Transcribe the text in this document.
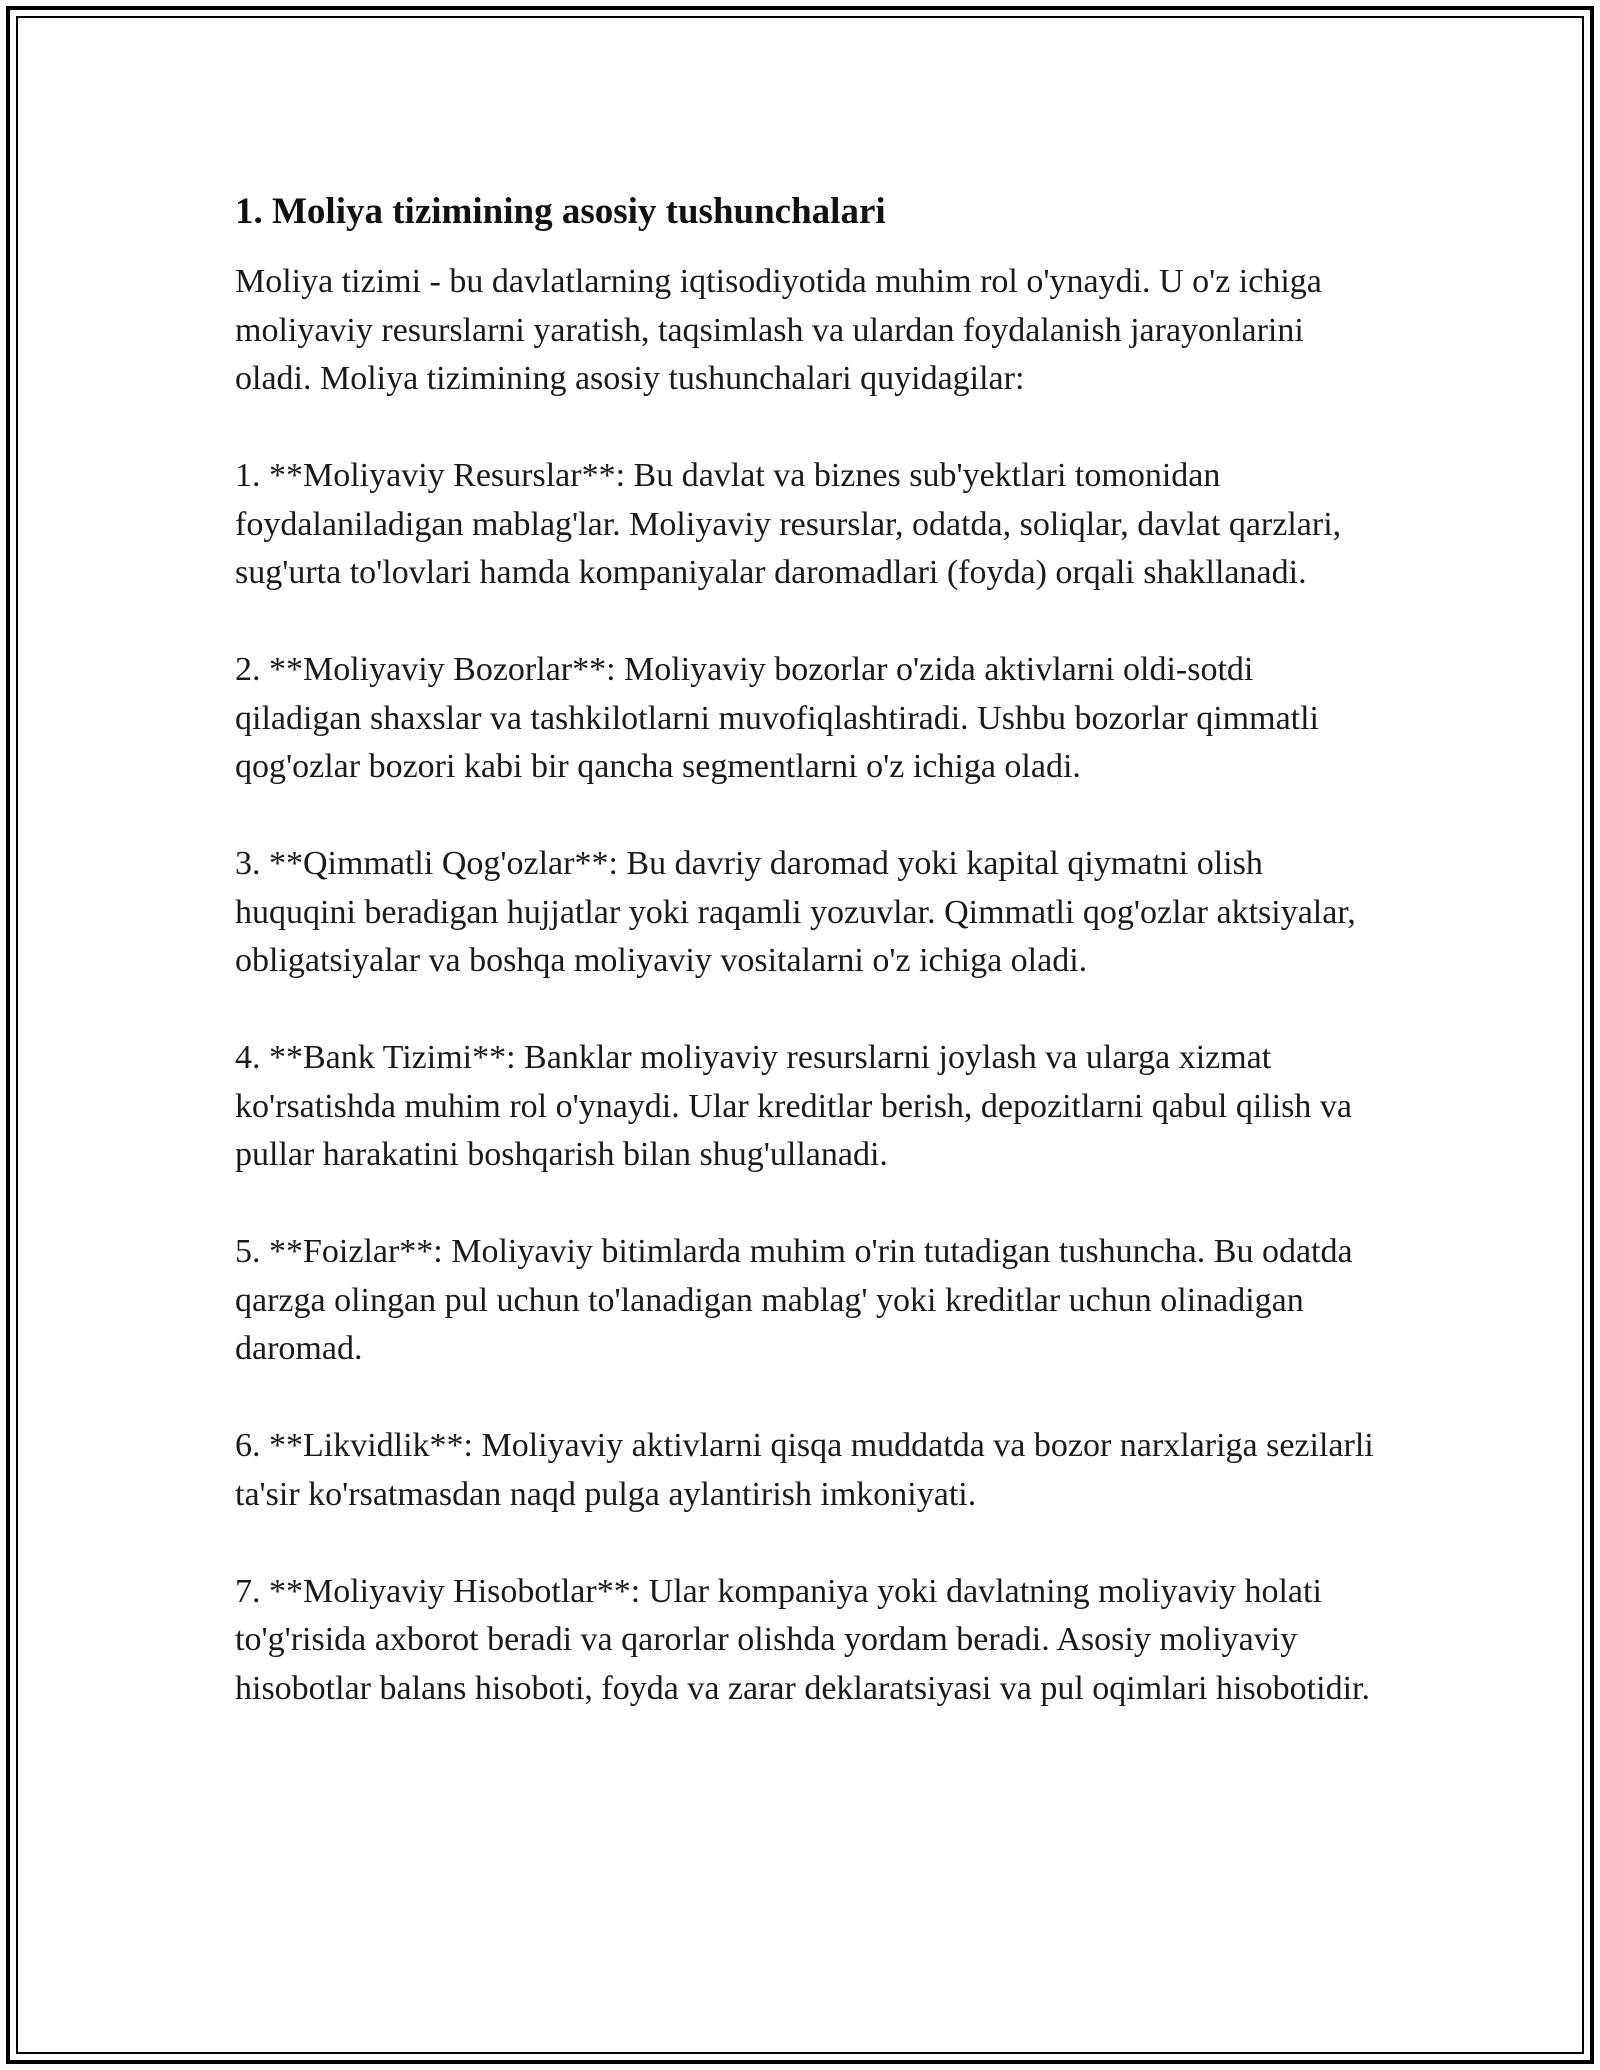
1. Moliya tizimining asosiy tushunchalari

Moliya tizimi - bu davlatlarning iqtisodiyotida muhim rol o'ynaydi. U o'z ichiga moliyaviy resurslarni yaratish, taqsimlash va ulardan foydalanish jarayonlarini oladi. Moliya tizimining asosiy tushunchalari quyidagilar:

1. **Moliyaviy Resurslar**: Bu davlat va biznes sub'yektlari tomonidan foydalaniladigan mablag'lar. Moliyaviy resurslar, odatda, soliqlar, davlat qarzlari, sug'urta to'lovlari hamda kompaniyalar daromadlari (foyda) orqali shakllanadi.

2. **Moliyaviy Bozorlar**: Moliyaviy bozorlar o'zida aktivlarni oldi-sotdi qiladigan shaxslar va tashkilotlarni muvofiqlashtiradi. Ushbu bozorlar qimmatli qog'ozlar bozori kabi bir qancha segmentlarni o'z ichiga oladi.

3. **Qimmatli Qog'ozlar**: Bu davriy daromad yoki kapital qiymatni olish huquqini beradigan hujjatlar yoki raqamli yozuvlar. Qimmatli qog'ozlar aktsiyalar, obligatsiyalar va boshqa moliyaviy vositalarni o'z ichiga oladi.

4. **Bank Tizimi**: Banklar moliyaviy resurslarni joylash va ularga xizmat ko'rsatishda muhim rol o'ynaydi. Ular kreditlar berish, depozitlarni qabul qilish va pullar harakatini boshqarish bilan shug'ullanadi.

5. **Foizlar**: Moliyaviy bitimlarda muhim o'rin tutadigan tushuncha. Bu odatda qarzga olingan pul uchun to'lanadigan mablag' yoki kreditlar uchun olinadigan daromad.

6. **Likvidlik**: Moliyaviy aktivlarni qisqa muddatda va bozor narxlariga sezilarli ta'sir ko'rsatmasdan naqd pulga aylantirish imkoniyati.

7. **Moliyaviy Hisobotlar**: Ular kompaniya yoki davlatning moliyaviy holati to'g'risida axborot beradi va qarorlar olishda yordam beradi. Asosiy moliyaviy hisobotlar balans hisoboti, foyda va zarar deklaratsiyasi va pul oqimlari hisobotidir.
